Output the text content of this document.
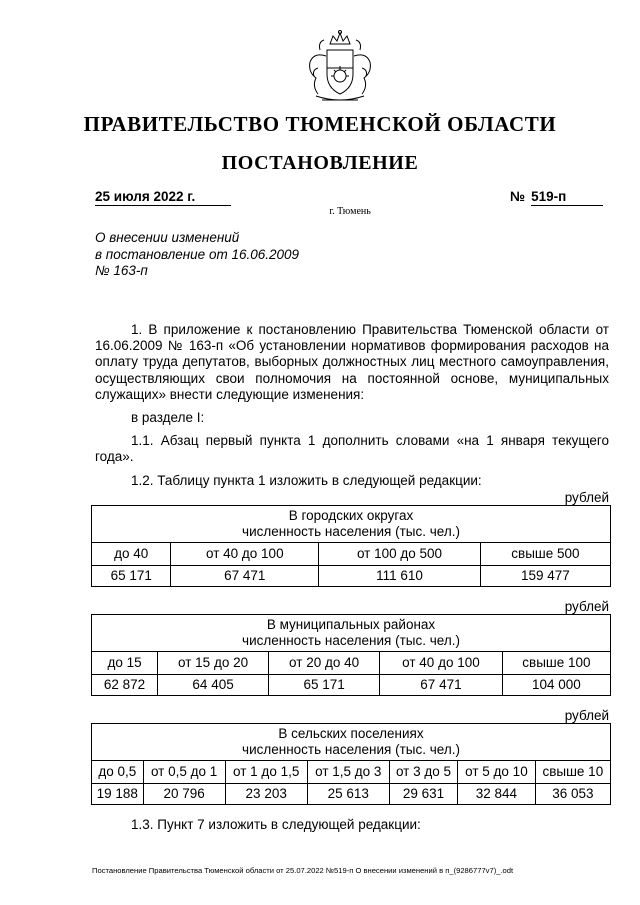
ПРАВИТЕЛЬСТВО ТЮМЕНСКОЙ ОБЛАСТИ
ПОСТАНОВЛЕНИЕ
25 июля 2022 г.	№ 519-п
г. Тюмень
О внесении изменений
в постановление от 16.06.2009
№ 163-п

1. В приложение к постановлению Правительства Тюменской области от 16.06.2009 № 163-п «Об установлении нормативов формирования расходов на оплату труда депутатов, выборных должностных лиц местного самоуправления, осуществляющих свои полномочия на постоянной основе, муниципальных служащих» внести следующие изменения:

в разделе I:

1.1. Абзац первый пункта 1 дополнить словами «на 1 января текущего года».

1.2. Таблицу пункта 1 изложить в следующей редакции:

рублей
В городских округах
численность населения (тыс. чел.)			

до 40	от 40 до 100	от 100 до 500	свыше 500
65 171	67 471	111 610	159 477
рублей
В муниципальных районах
численность населения (тыс. чел.)				

до 15	от 15 до 20	от 20 до 40	от 40 до 100	свыше 100
62 872	64 405	65 171	67 471	104 000
рублей
В сельских поселениях
численность населения (тыс. чел.)						

до 0,5	от 0,5 до 1	от 1 до 1,5	от 1,5 до 3	от 3 до 5	от 5 до 10	свыше 10
19 188	20 796	23 203	25 613	29 631	32 844	36 053

1.3. Пункт 7 изложить в следующей редакции:

Постановление Правительства Тюменской области от 25.07.2022 №519-п О внесении изменений в п_(9286777v7)_.odt
